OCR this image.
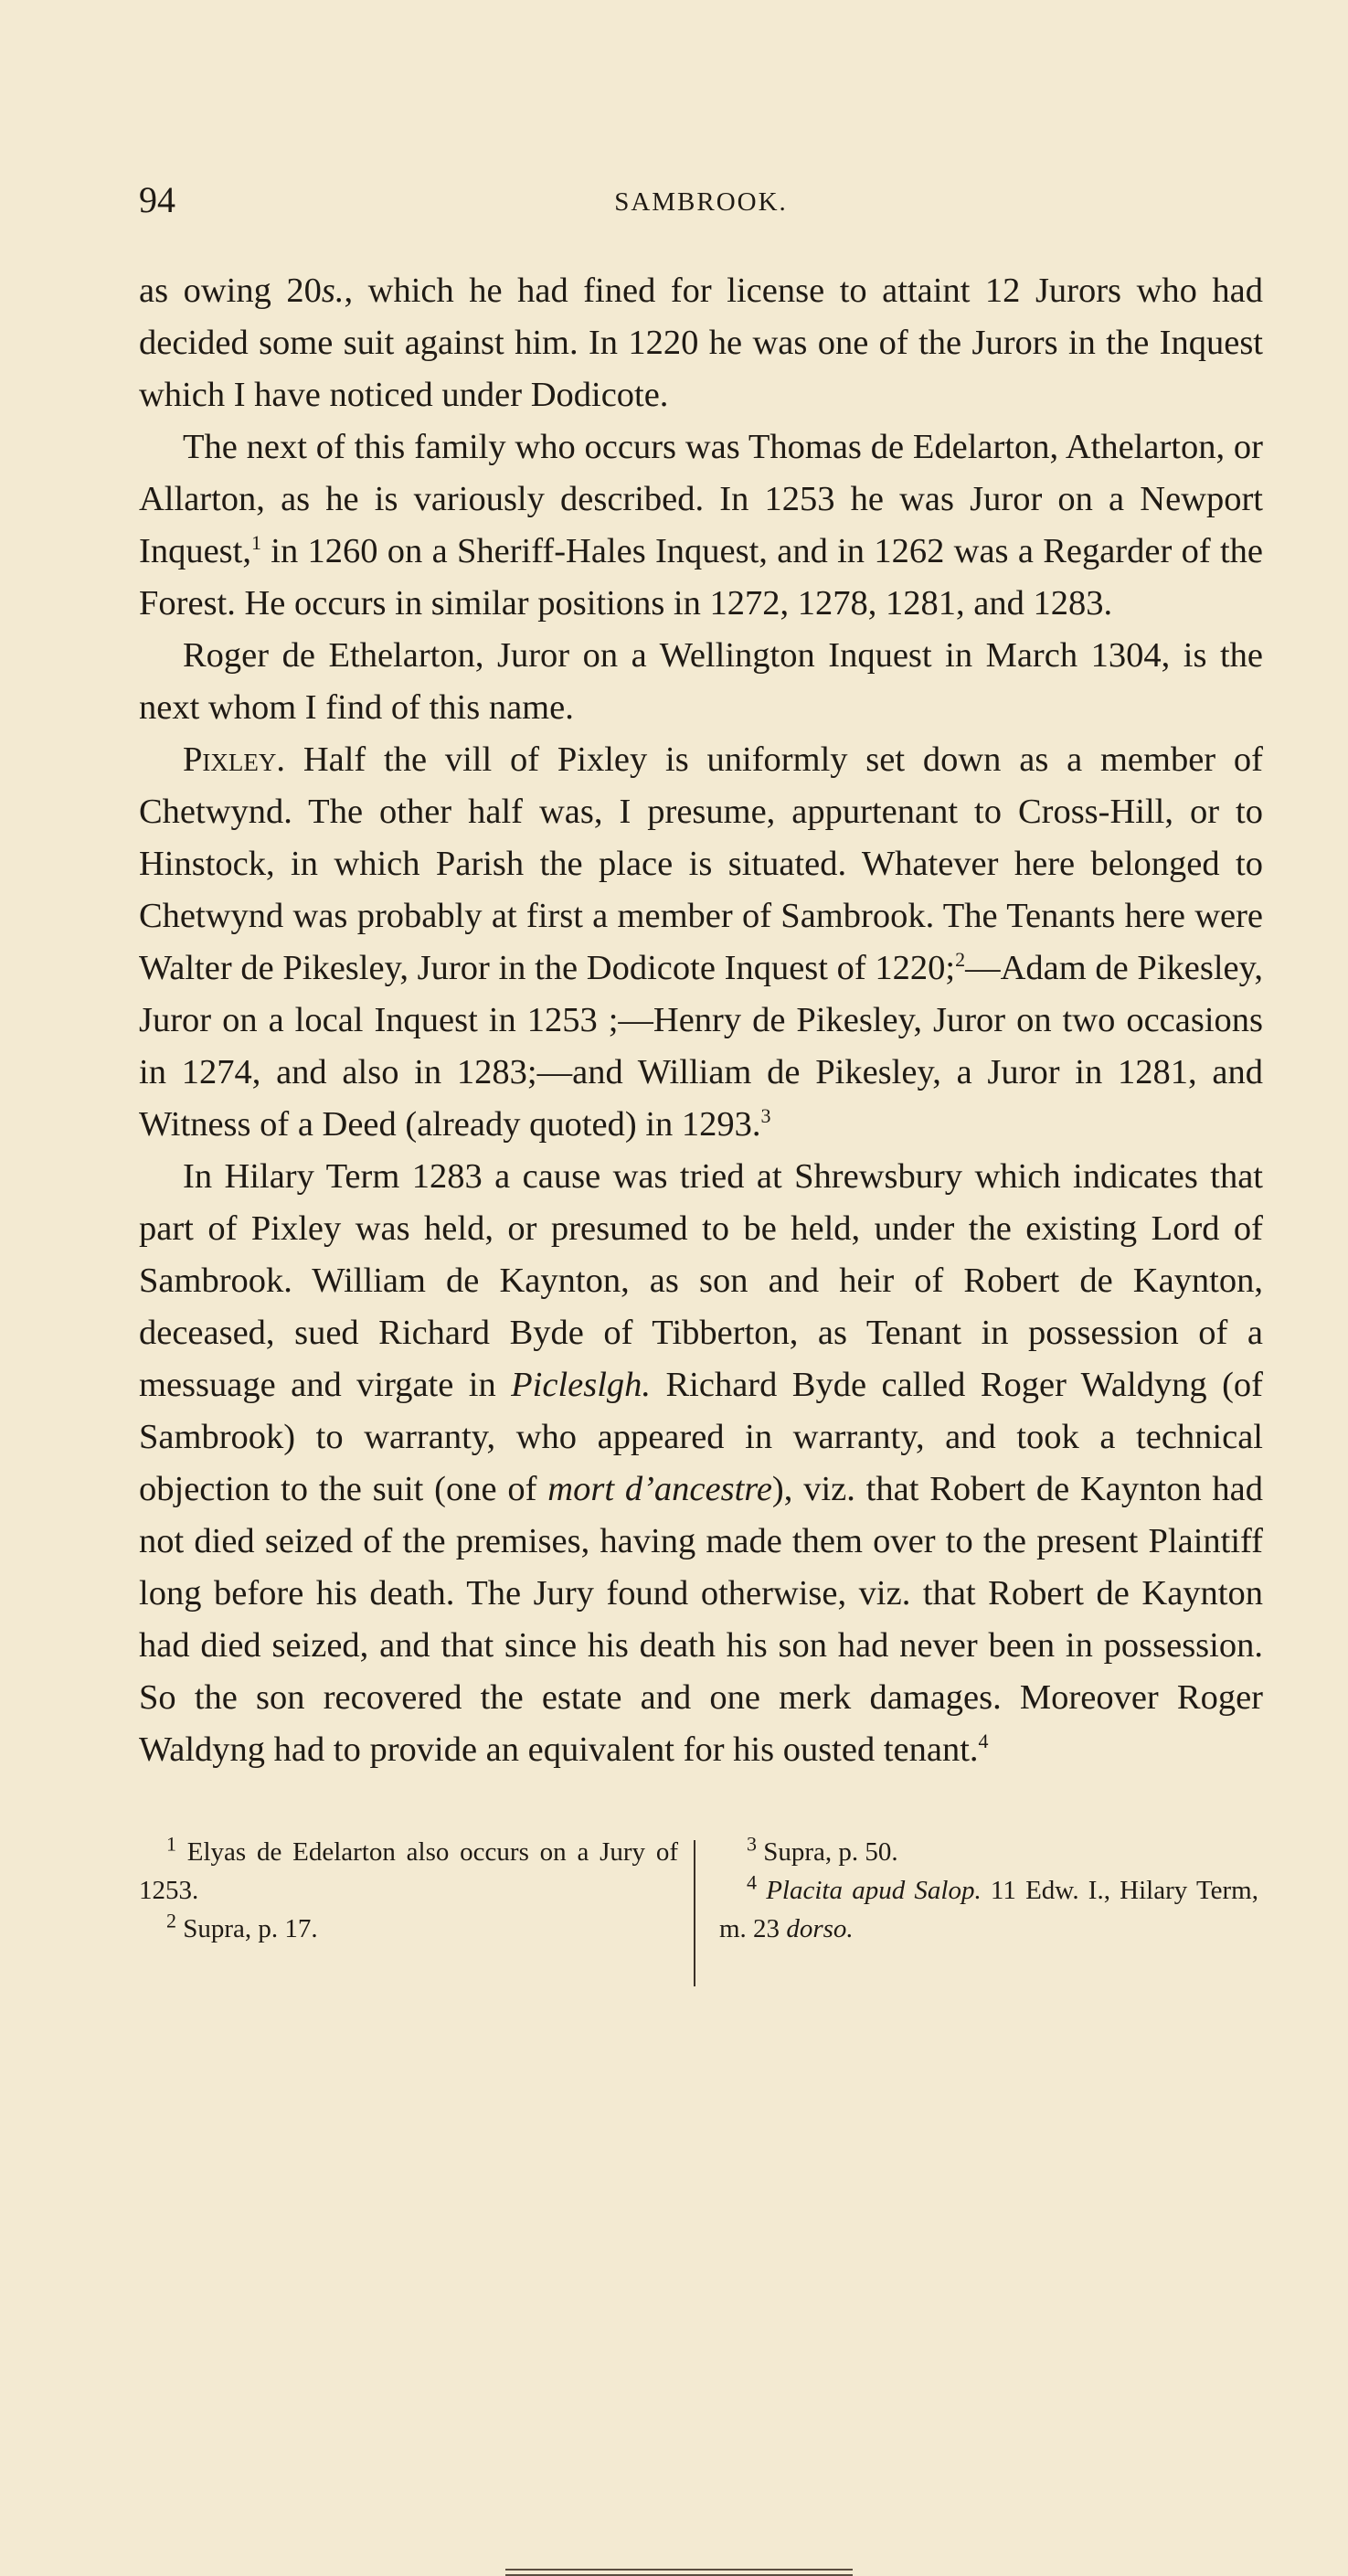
94	SAMBROOK.

as owing 20s., which he had fined for license to attaint 12 Jurors who had decided some suit against him. In 1220 he was one of the Jurors in the Inquest which I have noticed under Dodicote.

The next of this family who occurs was Thomas de Edelarton, Athelarton, or Allarton, as he is variously described. In 1253 he was Juror on a Newport Inquest,$^1$ in 1260 on a Sheriff-Hales Inquest, and in 1262 was a Regarder of the Forest. He occurs in similar positions in 1272, 1278, 1281, and 1283.

Roger de Ethelarton, Juror on a Wellington Inquest in March 1304, is the next whom I find of this name.

Pixley. Half the vill of Pixley is uniformly set down as a member of Chetwynd. The other half was, I presume, appurtenant to Cross-Hill, or to Hinstock, in which Parish the place is situated. Whatever here belonged to Chetwynd was probably at first a member of Sambrook. The Tenants here were Walter de Pikesley, Juror in the Dodicote Inquest of 1220;$^2$—Adam de Pikesley, Juror on a local Inquest in 1253 ;—Henry de Pikesley, Juror on two occasions in 1274, and also in 1283;—and William de Pikesley, a Juror in 1281, and Witness of a Deed (already quoted) in 1293.$^3$

In Hilary Term 1283 a cause was tried at Shrewsbury which indicates that part of Pixley was held, or presumed to be held, under the existing Lord of Sambrook. William de Kaynton, as son and heir of Robert de Kaynton, deceased, sued Richard Byde of Tibberton, as Tenant in possession of a messuage and virgate in Picleslgh. Richard Byde called Roger Waldyng (of Sambrook) to warranty, who appeared in warranty, and took a technical objection to the suit (one of mort d’ancestre), viz. that Robert de Kaynton had not died seized of the premises, having made them over to the present Plaintiff long before his death. The Jury found otherwise, viz. that Robert de Kaynton had died seized, and that since his death his son had never been in possession. So the son recovered the estate and one merk damages. Moreover Roger Waldyng had to provide an equivalent for his ousted tenant.$^4$

$^1$ Elyas de Edelarton also occurs on a Jury of 1253.

$^2$ Supra, p. 17.

$^3$ Supra, p. 50.

$^4$ Placita apud Salop. 11 Edw. I., Hilary Term, m. 23 dorso.
